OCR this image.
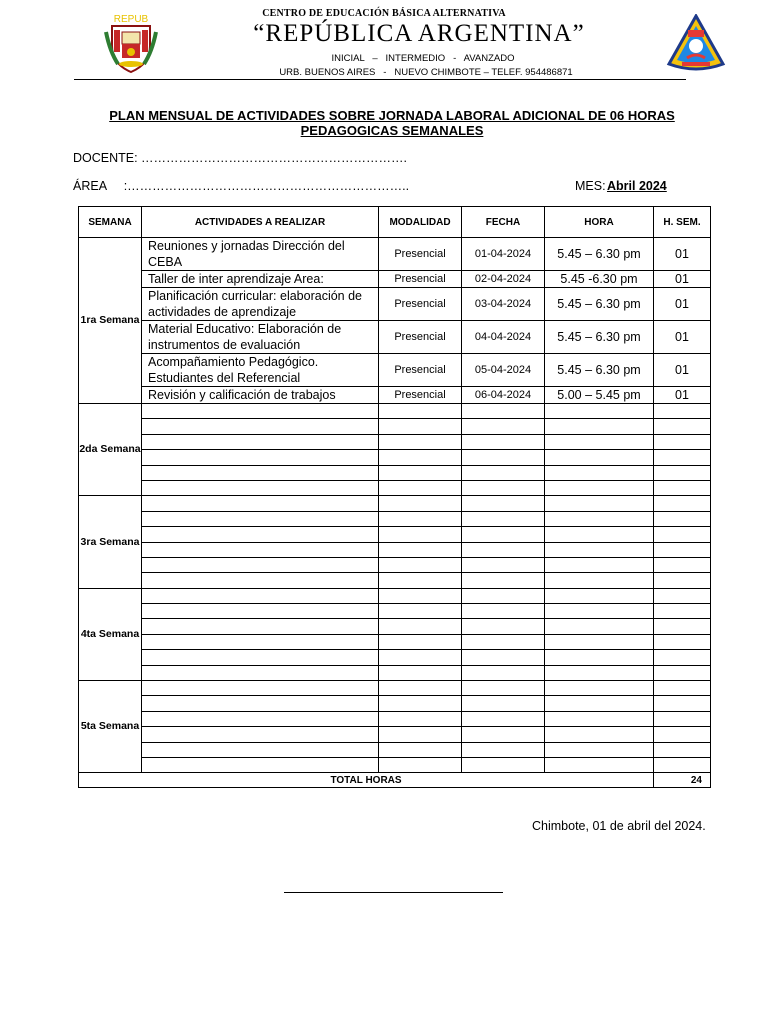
REPUB
CENTRO DE EDUCACIÓN BÁSICA ALTERNATIVA
“REPÚBLICA ARGENTINA”
INICIAL   –   INTERMEDIO   -   AVANZADO
URB. BUENOS AIRES   -   NUEVO CHIMBOTE – TELEF. 954486871
PLAN MENSUAL DE ACTIVIDADES SOBRE JORNADA LABORAL ADICIONAL DE 06 HORAS PEDAGOGICAS SEMANALES
DOCENTE: ……………………………………………………….
ÁREA     :…………………………………………………………..	MES: Abril 2024
SEMANA	ACTIVIDADES A REALIZAR	MODALIDAD	FECHA	HORA	H. SEM.
1ra Semana	Reuniones y jornadas Dirección del CEBA	Presencial	01-04-2024	5.45 – 6.30 pm	01
	Taller de inter aprendizaje Area:	Presencial	02-04-2024	5.45 -6.30 pm	01
	Planificación curricular: elaboración de actividades de aprendizaje	Presencial	03-04-2024	5.45 – 6.30 pm	01
	Material Educativo: Elaboración de instrumentos de evaluación	Presencial	04-04-2024	5.45 – 6.30 pm	01
	Acompañamiento Pedagógico. Estudiantes del Referencial	Presencial	05-04-2024	5.45 – 6.30 pm	01
	Revisión y calificación de trabajos	Presencial	06-04-2024	5.00 – 5.45 pm	01
2da Semana					

3ra Semana					

4ta Semana					

5ta Semana					

TOTAL HORAS					24
Chimbote, 01 de abril del 2024.
